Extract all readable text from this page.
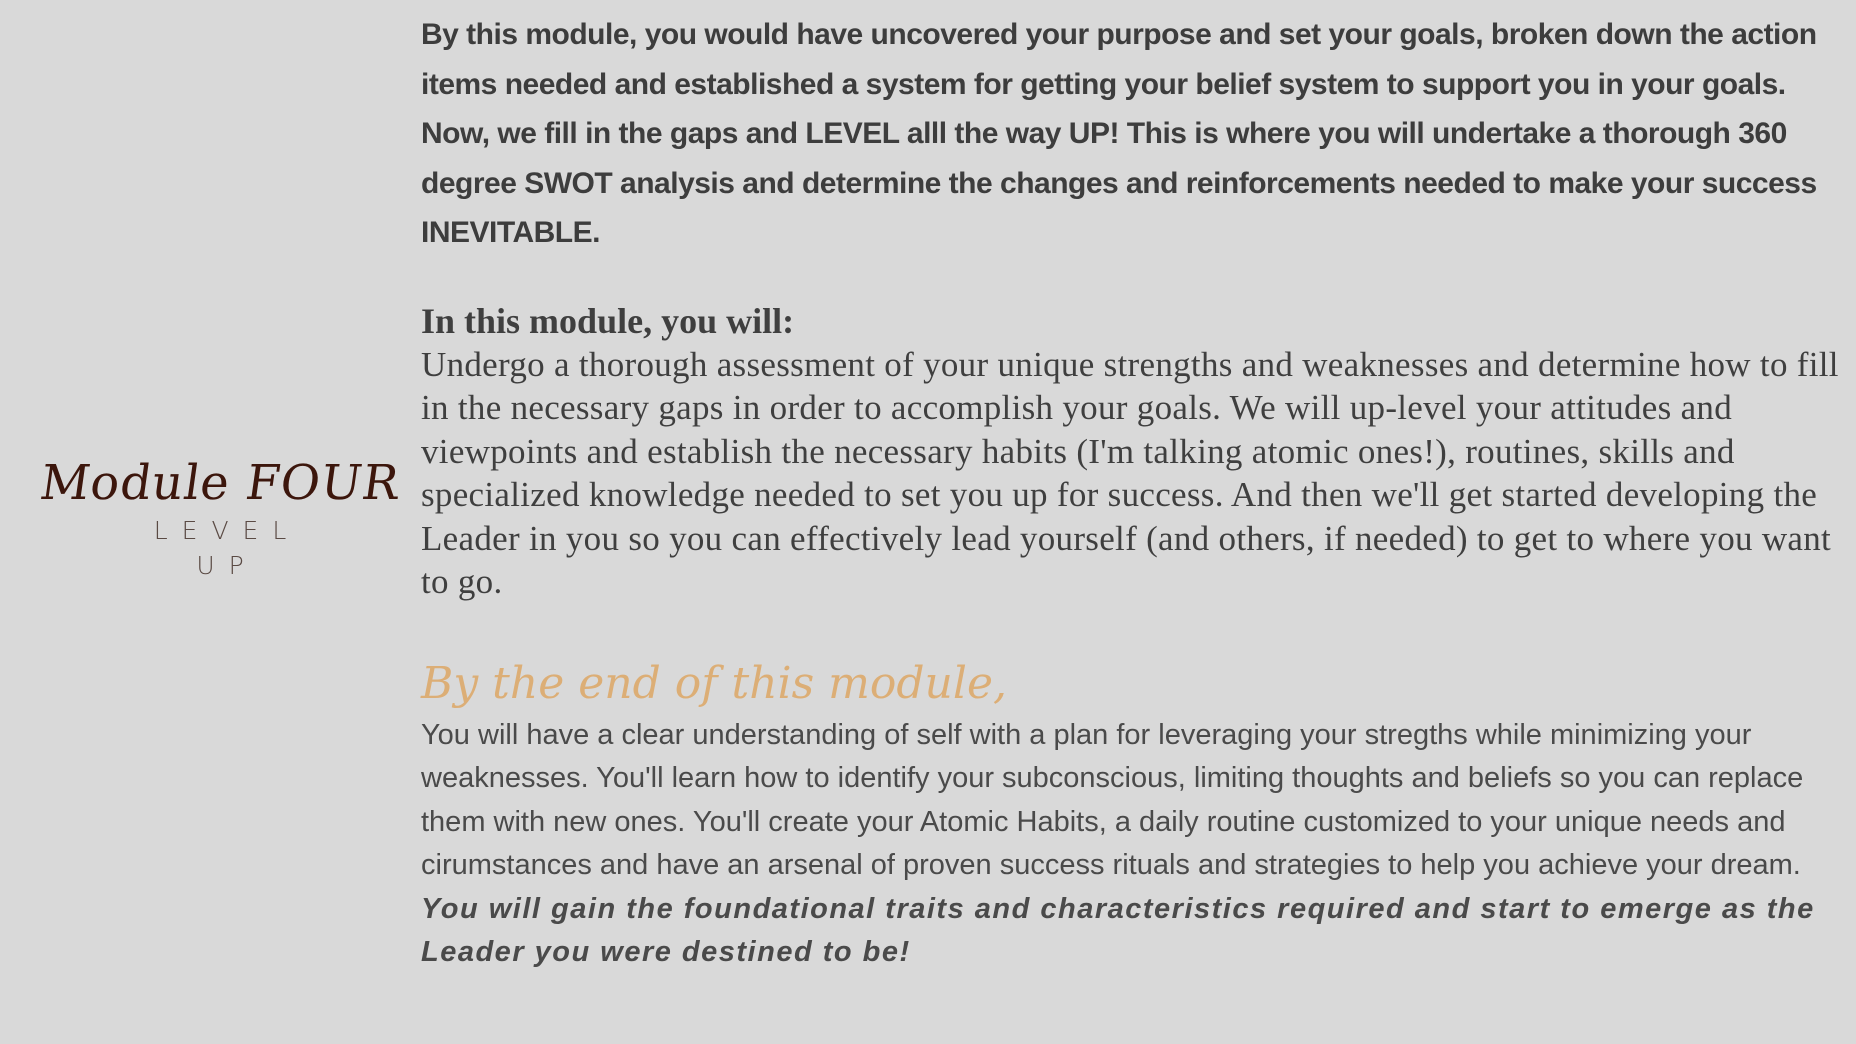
Module FOUR
LEVEL
UP

By this module, you would have uncovered your purpose and set your goals, broken down the action items needed and established a system for getting your belief system to support you in your goals. Now, we fill in the gaps and LEVEL alll the way UP! This is where you will undertake a thorough 360 degree SWOT analysis and determine the changes and reinforcements needed to make your success INEVITABLE.

In this module, you will:

Undergo a thorough assessment of your unique strengths and weaknesses and determine how to fill in the necessary gaps in order to accomplish your goals. We will up-level your attitudes and viewpoints and establish the necessary habits (I'm talking atomic ones!), routines, skills and specialized knowledge needed to set you up for success. And then we'll get started developing the Leader in you so you can effectively lead yourself (and others, if needed) to get to where you want to go.

By the end of this module,

You will have a clear understanding of self with a plan for leveraging your stregths while minimizing your weaknesses. You'll learn how to identify your subconscious, limiting thoughts and beliefs so you can replace them with new ones. You'll create your Atomic Habits, a daily routine customized to your unique needs and cirumstances and have an arsenal of proven success rituals and strategies to help you achieve your dream. You will gain the foundational traits and characteristics required and start to emerge as the Leader you were destined to be!
